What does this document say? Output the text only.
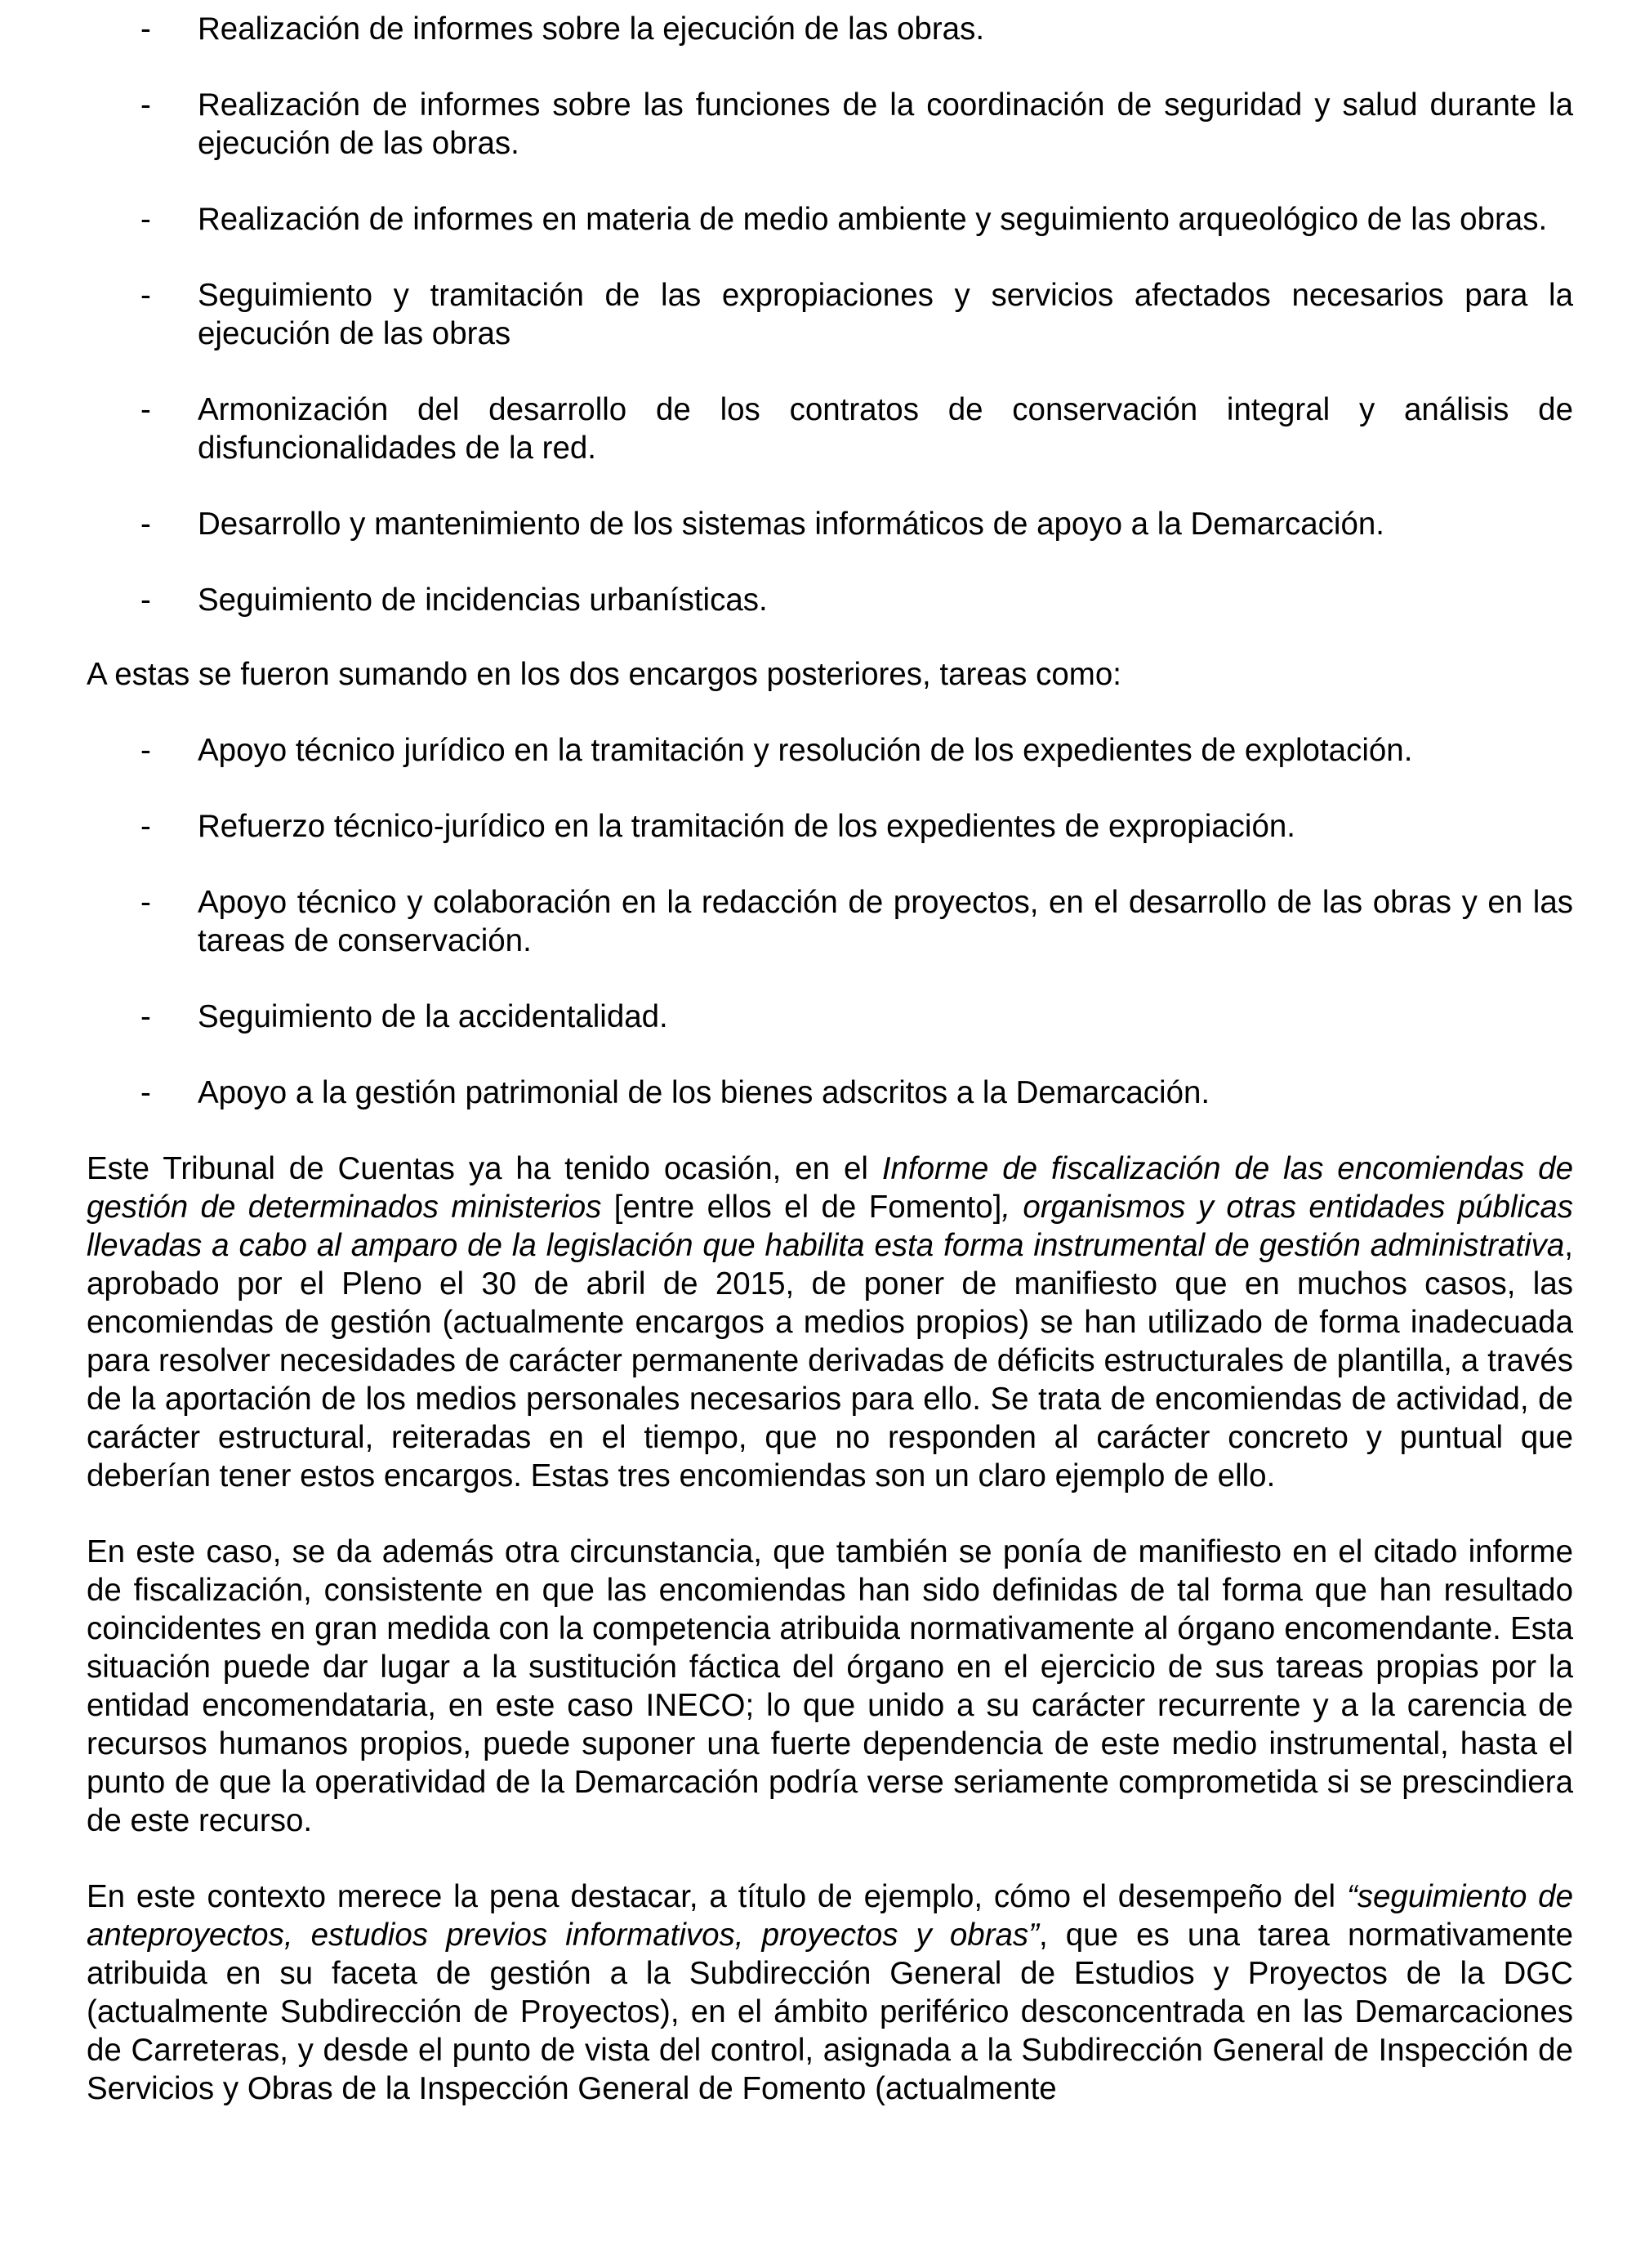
- Realización de informes sobre la ejecución de las obras.
- Realización de informes sobre las funciones de la coordinación de seguridad y salud durante la ejecución de las obras.
- Realización de informes en materia de medio ambiente y seguimiento arqueológico de las obras.
- Seguimiento y tramitación de las expropiaciones y servicios afectados necesarios para la ejecución de las obras
- Armonización del desarrollo de los contratos de conservación integral y análisis de disfuncionalidades de la red.
- Desarrollo y mantenimiento de los sistemas informáticos de apoyo a la Demarcación.
- Seguimiento de incidencias urbanísticas.

A estas se fueron sumando en los dos encargos posteriores, tareas como:

- Apoyo técnico jurídico en la tramitación y resolución de los expedientes de explotación.
- Refuerzo técnico-jurídico en la tramitación de los expedientes de expropiación.
- Apoyo técnico y colaboración en la redacción de proyectos, en el desarrollo de las obras y en las tareas de conservación.
- Seguimiento de la accidentalidad.
- Apoyo a la gestión patrimonial de los bienes adscritos a la Demarcación.

Este Tribunal de Cuentas ya ha tenido ocasión, en el Informe de fiscalización de las encomiendas de gestión de determinados ministerios [entre ellos el de Fomento], organismos y otras entidades públicas llevadas a cabo al amparo de la legislación que habilita esta forma instrumental de gestión administrativa, aprobado por el Pleno el 30 de abril de 2015, de poner de manifiesto que en muchos casos, las encomiendas de gestión (actualmente encargos a medios propios) se han utilizado de forma inadecuada para resolver necesidades de carácter permanente derivadas de déficits estructurales de plantilla, a través de la aportación de los medios personales necesarios para ello. Se trata de encomiendas de actividad, de carácter estructural, reiteradas en el tiempo, que no responden al carácter concreto y puntual que deberían tener estos encargos. Estas tres encomiendas son un claro ejemplo de ello.

En este caso, se da además otra circunstancia, que también se ponía de manifiesto en el citado informe de fiscalización, consistente en que las encomiendas han sido definidas de tal forma que han resultado coincidentes en gran medida con la competencia atribuida normativamente al órgano encomendante. Esta situación puede dar lugar a la sustitución fáctica del órgano en el ejercicio de sus tareas propias por la entidad encomendataria, en este caso INECO; lo que unido a su carácter recurrente y a la carencia de recursos humanos propios, puede suponer una fuerte dependencia de este medio instrumental, hasta el punto de que la operatividad de la Demarcación podría verse seriamente comprometida si se prescindiera de este recurso.

En este contexto merece la pena destacar, a título de ejemplo, cómo el desempeño del “seguimiento de anteproyectos, estudios previos informativos, proyectos y obras”, que es una tarea normativamente atribuida en su faceta de gestión a la Subdirección General de Estudios y Proyectos de la DGC (actualmente Subdirección de Proyectos), en el ámbito periférico desconcentrada en las Demarcaciones de Carreteras, y desde el punto de vista del control, asignada a la Subdirección General de Inspección de Servicios y Obras de la Inspección General de Fomento (actualmente
